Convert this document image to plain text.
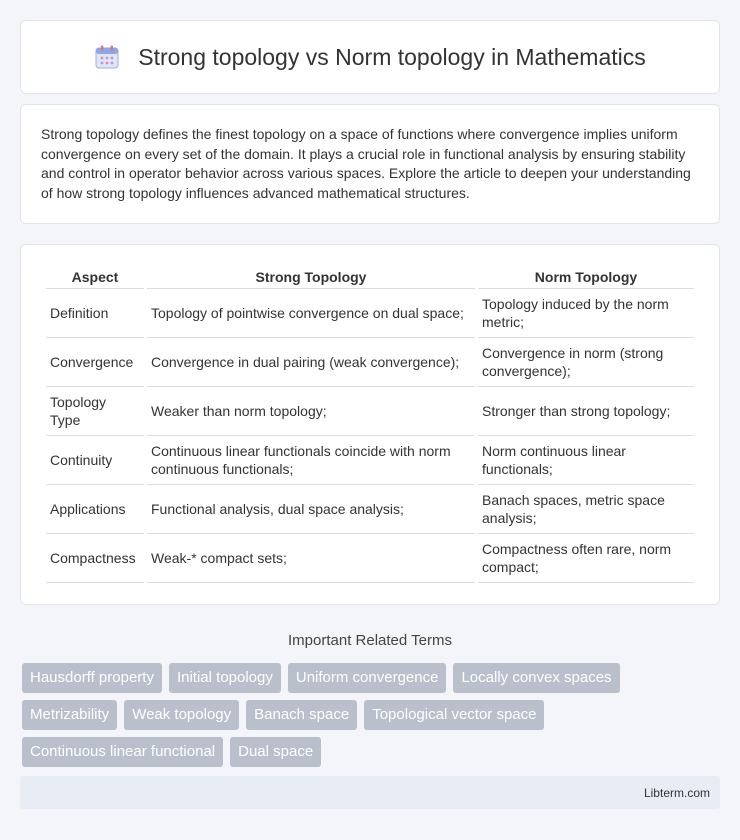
Strong topology vs Norm topology in Mathematics

Strong topology defines the finest topology on a space of functions where convergence implies uniform convergence on every set of the domain. It plays a crucial role in functional analysis by ensuring stability and control in operator behavior across various spaces. Explore the article to deepen your understanding of how strong topology influences advanced mathematical structures.

Aspect	Strong Topology	Norm Topology
Definition	Topology of pointwise convergence on dual space;	Topology induced by the norm metric;
Convergence	Convergence in dual pairing (weak convergence);	Convergence in norm (strong convergence);
Topology Type	Weaker than norm topology;	Stronger than strong topology;
Continuity	Continuous linear functionals coincide with norm continuous functionals;	Norm continuous linear functionals;
Applications	Functional analysis, dual space analysis;	Banach spaces, metric space analysis;
Compactness	Weak-* compact sets;	Compactness often rare, norm compact;
Important Related Terms
Hausdorff property	Initial topology	Uniform convergence	Locally convex spaces
Metrizability	Weak topology	Banach space	Topological vector space
Continuous linear functional	Dual space
Libterm.com
